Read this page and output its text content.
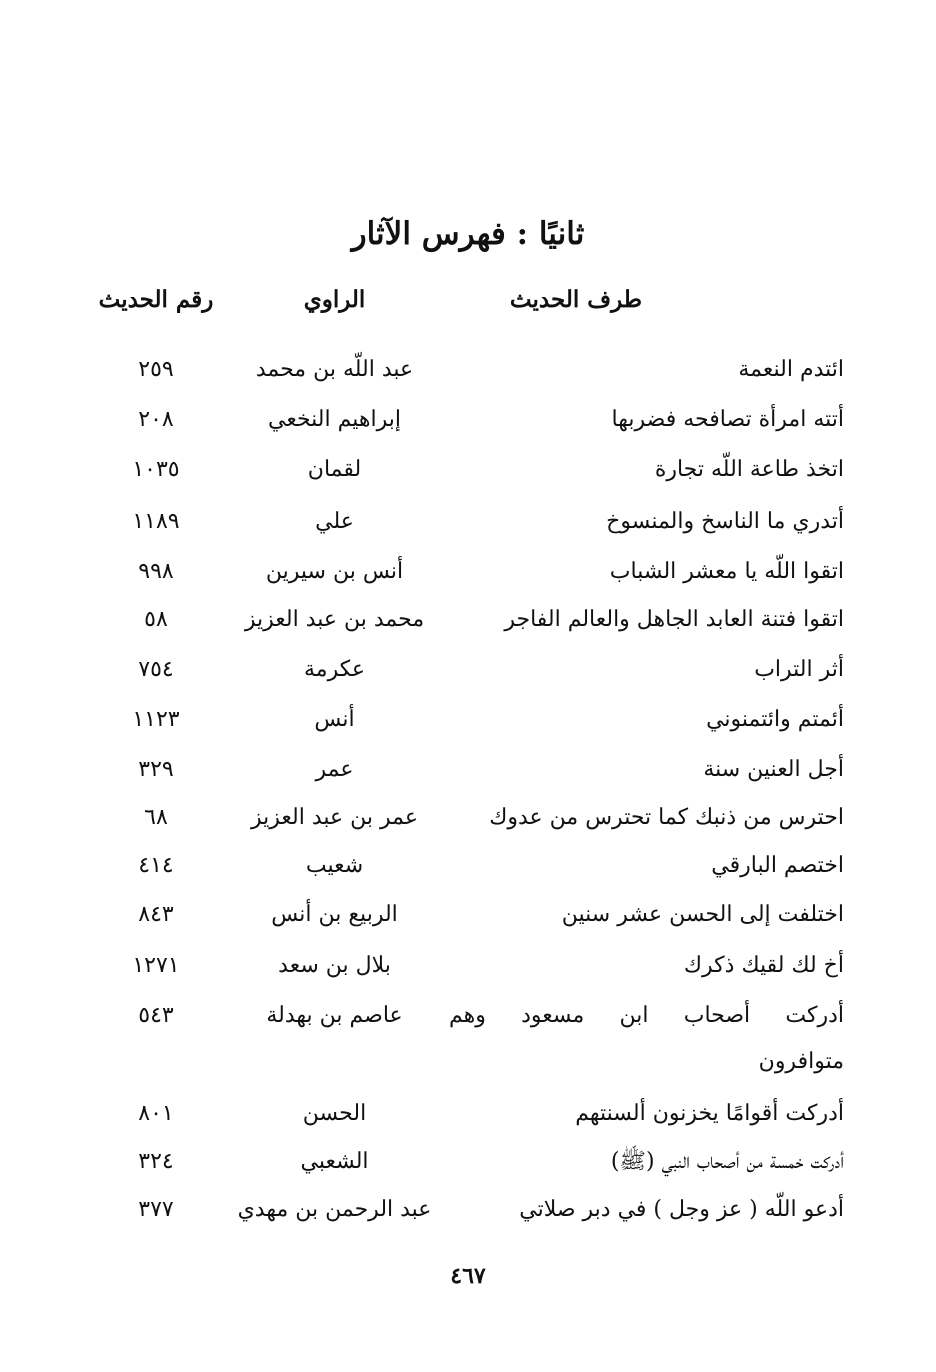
ثانيًا : فهرس الآثار
طرف الحديث
الراوي
رقم الحديث
ائتدم النعمة
عبد اللّه بن محمد
٢٥٩
أتته امرأة تصافحه فضربها
إبراهيم النخعي
٢٠٨
اتخذ طاعة اللّه تجارة
لقمان
١٠٣٥
أتدري ما الناسخ والمنسوخ
علي
١١٨٩
اتقوا اللّه يا معشر الشباب
أنس بن سيرين
٩٩٨
اتقوا فتنة العابد الجاهل والعالم الفاجر
محمد بن عبد العزيز
٥٨
أثر التراب
عكرمة
٧٥٤
أئمتم وائتمنوني
أنس
١١٢٣
أجل العنين سنة
عمر
٣٢٩
احترس من ذنبك كما تحترس من عدوك
عمر بن عبد العزيز
٦٨
اختصم البارقي
شعيب
٤١٤
اختلفت إلى الحسن عشر سنين
الربيع بن أنس
٨٤٣
أخ لك لقيك ذكرك
بلال بن سعد
١٢٧١
أدركت أصحاب ابن مسعود وهم
عاصم بن بهدلة
٥٤٣
متوافرون
أدركت أقوامًا يخزنون ألسنتهم
الحسن
٨٠١
أدركت خمسة من أصحاب النبي (ﷺ)
الشعبي
٣٢٤
أدعو اللّه ( عز وجل ) في دبر صلاتي
عبد الرحمن بن مهدي
٣٧٧
٤٦٧
